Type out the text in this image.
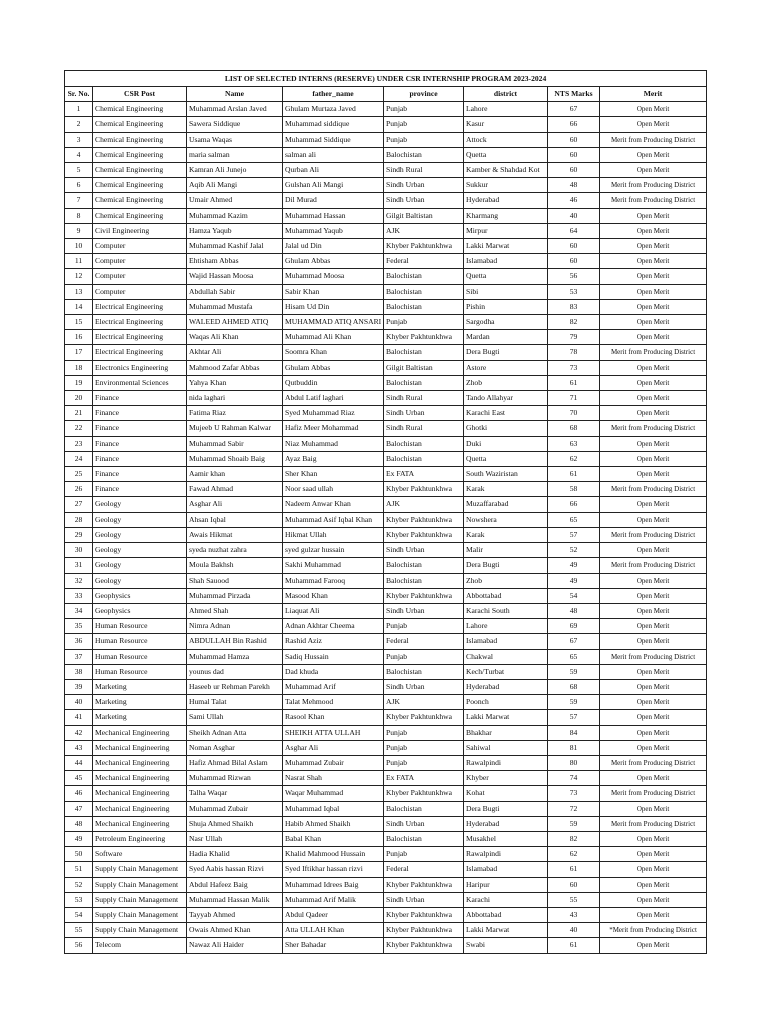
LIST OF SELECTED INTERNS (RESERVE) UNDER CSR INTERNSHIP PROGRAM 2023-2024							
Sr. No.	CSR Post	Name	father_name	province	district	NTS Marks	Merit
1	Chemical Engineering	Muhammad Arslan Javed	Ghulam Murtaza Javed	Punjab	Lahore	67	Open Merit
2	Chemical Engineering	Sawera Siddique	Muhammad siddique	Punjab	Kasur	66	Open Merit
3	Chemical Engineering	Usama Waqas	Muhammad Siddique	Punjab	Attock	60	Merit from Producing District
4	Chemical Engineering	maria salman	salman ali	Balochistan	Quetta	60	Open Merit
5	Chemical Engineering	Kamran Ali Junejo	Qurban Ali	Sindh Rural	Kamber & Shahdad Kot	60	Open Merit
6	Chemical Engineering	Aqib Ali Mangi	Gulshan Ali Mangi	Sindh Urban	Sukkur	48	Merit from Producing District
7	Chemical Engineering	Umair Ahmed	Dil Murad	Sindh Urban	Hyderabad	46	Merit from Producing District
8	Chemical Engineering	Muhammad Kazim	Muhammad Hassan	Gilgit Baltistan	Kharmang	40	Open Merit
9	Civil Engineering	Hamza Yaqub	Muhammad Yaqub	AJK	Mirpur	64	Open Merit
10	Computer	Muhammad Kashif Jalal	Jalal ud Din	Khyber Pakhtunkhwa	Lakki Marwat	60	Open Merit
11	Computer	Ehtisham Abbas	Ghulam Abbas	Federal	Islamabad	60	Open Merit
12	Computer	Wajid Hassan Moosa	Muhammad Moosa	Balochistan	Quetta	56	Open Merit
13	Computer	Abdullah Sabir	Sabir Khan	Balochistan	Sibi	53	Open Merit
14	Electrical Engineering	Muhammad Mustafa	Hisam Ud Din	Balochistan	Pishin	83	Open Merit
15	Electrical Engineering	WALEED AHMED ATIQ	MUHAMMAD ATIQ ANSARI	Punjab	Sargodha	82	Open Merit
16	Electrical Engineering	Waqas Ali Khan	Muhammad Ali Khan	Khyber Pakhtunkhwa	Mardan	79	Open Merit
17	Electrical Engineering	Akhtar Ali	Soomra Khan	Balochistan	Dera Bugti	78	Merit from Producing District
18	Electronics Engineering	Mahmood Zafar Abbas	Ghulam Abbas	Gilgit Baltistan	Astore	73	Open Merit
19	Environmental Sciences	Yahya Khan	Qutbuddin	Balochistan	Zhob	61	Open Merit
20	Finance	nida laghari	Abdul Latif laghari	Sindh Rural	Tando Allahyar	71	Open Merit
21	Finance	Fatima Riaz	Syed Muhammad Riaz	Sindh Urban	Karachi East	70	Open Merit
22	Finance	Mujeeb U Rahman Kalwar	Hafiz Meer Mohammad	Sindh Rural	Ghotki	68	Merit from Producing District
23	Finance	Muhammad Sabir	Niaz Muhammad	Balochistan	Duki	63	Open Merit
24	Finance	Muhammad Shoaib Baig	Ayaz Baig	Balochistan	Quetta	62	Open Merit
25	Finance	Aamir khan	Sher Khan	Ex FATA	South Waziristan	61	Open Merit
26	Finance	Fawad Ahmad	Noor saad ullah	Khyber Pakhtunkhwa	Karak	58	Merit from Producing District
27	Geology	Asghar Ali	Nadeem Anwar Khan	AJK	Muzaffarabad	66	Open Merit
28	Geology	Ahsan Iqbal	Muhammad Asif Iqbal Khan	Khyber Pakhtunkhwa	Nowshera	65	Open Merit
29	Geology	Awais Hikmat	Hikmat Ullah	Khyber Pakhtunkhwa	Karak	57	Merit from Producing District
30	Geology	syeda nuzhat zahra	syed gulzar hussain	Sindh Urban	Malir	52	Open Merit
31	Geology	Moula Bakhsh	Sakhi Muhammad	Balochistan	Dera Bugti	49	Merit from Producing District
32	Geology	Shah Sauood	Muhammad Farooq	Balochistan	Zhob	49	Open Merit
33	Geophysics	Muhammad Pirzada	Masood Khan	Khyber Pakhtunkhwa	Abbottabad	54	Open Merit
34	Geophysics	Ahmed Shah	Liaquat Ali	Sindh Urban	Karachi South	48	Open Merit
35	Human Resource	Nimra Adnan	Adnan Akhtar Cheema	Punjab	Lahore	69	Open Merit
36	Human Resource	ABDULLAH Bin Rashid	Rashid Aziz	Federal	Islamabad	67	Open Merit
37	Human Resource	Muhammad Hamza	Sadiq Hussain	Punjab	Chakwal	65	Merit from Producing District
38	Human Resource	younus dad	Dad khuda	Balochistan	Kech/Turbat	59	Open Merit
39	Marketing	Haseeb ur Rehman Parekh	Muhammad Arif	Sindh Urban	Hyderabad	68	Open Merit
40	Marketing	Humal Talat	Talat Mehmood	AJK	Poonch	59	Open Merit
41	Marketing	Sami Ullah	Rasool Khan	Khyber Pakhtunkhwa	Lakki Marwat	57	Open Merit
42	Mechanical Engineering	Sheikh Adnan Atta	SHEIKH ATTA ULLAH	Punjab	Bhakhar	84	Open Merit
43	Mechanical Engineering	Noman Asghar	Asghar Ali	Punjab	Sahiwal	81	Open Merit
44	Mechanical Engineering	Hafiz Ahmad Bilal Aslam	Muhammad Zubair	Punjab	Rawalpindi	80	Merit from Producing District
45	Mechanical Engineering	Muhammad Rizwan	Nasrat Shah	Ex FATA	Khyber	74	Open Merit
46	Mechanical Engineering	Talha Waqar	Waqar Muhammad	Khyber Pakhtunkhwa	Kohat	73	Merit from Producing District
47	Mechanical Engineering	Muhammad Zubair	Muhammad Iqbal	Balochistan	Dera Bugti	72	Open Merit
48	Mechanical Engineering	Shuja Ahmed Shaikh	Habib Ahmed Shaikh	Sindh Urban	Hyderabad	59	Merit from Producing District
49	Petroleum Engineering	Nasr Ullah	Babal Khan	Balochistan	Musakhel	82	Open Merit
50	Software	Hadia Khalid	Khalid Mahmood Hussain	Punjab	Rawalpindi	62	Open Merit
51	Supply Chain Management	Syed Aabis hassan Rizvi	Syed Iftikhar hassan rizvi	Federal	Islamabad	61	Open Merit
52	Supply Chain Management	Abdul Hafeez Baig	Muhammad Idrees Baig	Khyber Pakhtunkhwa	Haripur	60	Open Merit
53	Supply Chain Management	Muhammad Hassan Malik	Muhammad Arif Malik	Sindh Urban	Karachi	55	Open Merit
54	Supply Chain Management	Tayyab Ahmed	Abdul Qadeer	Khyber Pakhtunkhwa	Abbottabad	43	Open Merit
55	Supply Chain Management	Owais Ahmed Khan	Atta ULLAH Khan	Khyber Pakhtunkhwa	Lakki Marwat	40	*Merit from Producing District
56	Telecom	Nawaz Ali Haider	Sher Bahadar	Khyber Pakhtunkhwa	Swabi	61	Open Merit
